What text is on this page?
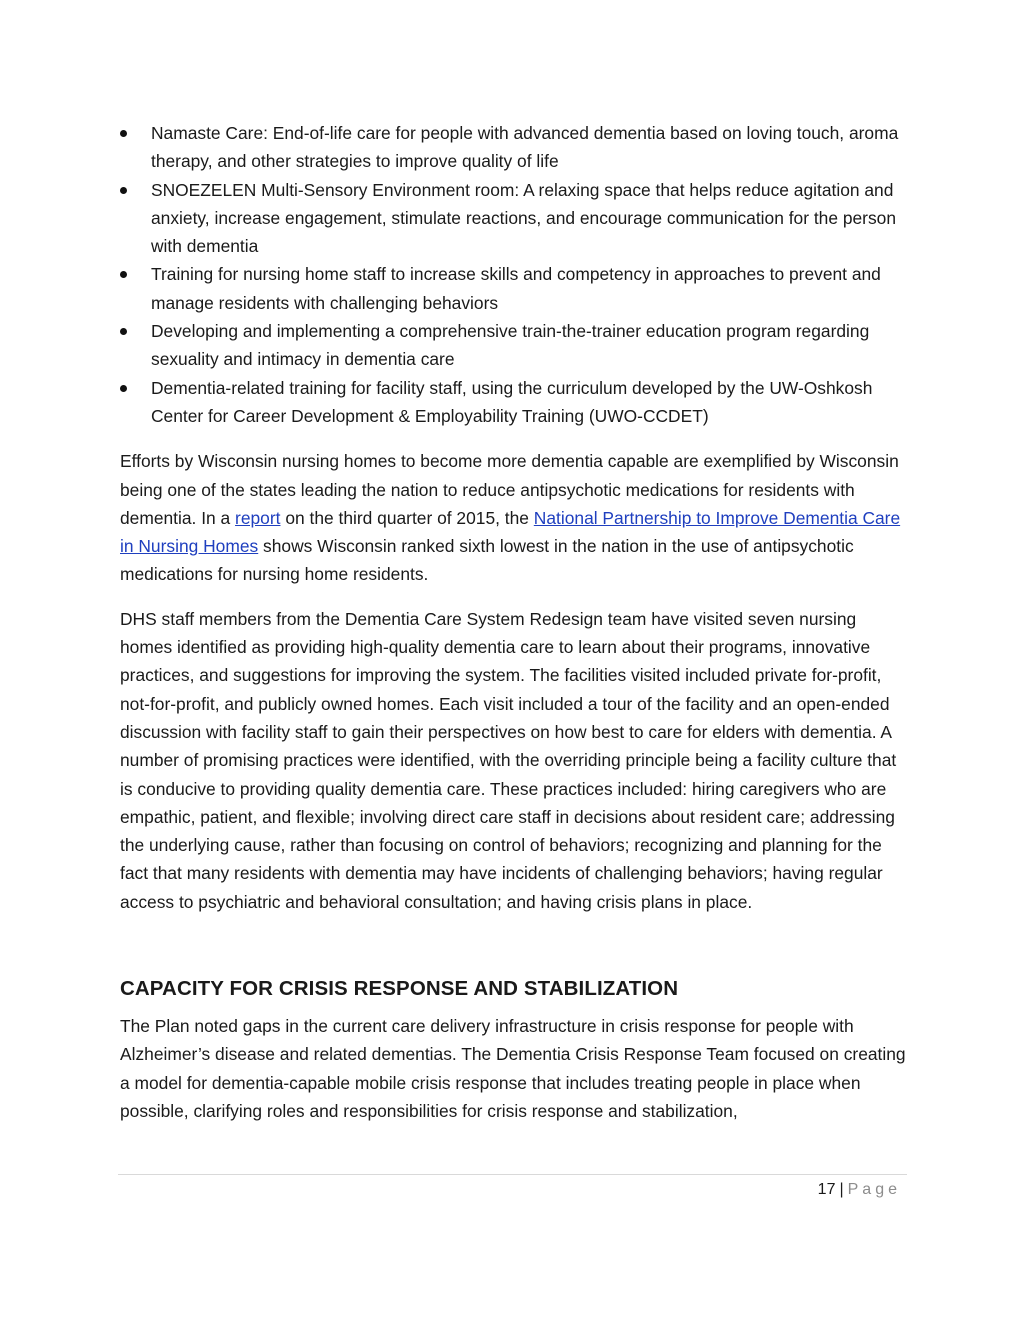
Namaste Care: End-of-life care for people with advanced dementia based on loving touch, aroma therapy, and other strategies to improve quality of life
SNOEZELEN Multi-Sensory Environment room: A relaxing space that helps reduce agitation and anxiety, increase engagement, stimulate reactions, and encourage communication for the person with dementia
Training for nursing home staff to increase skills and competency in approaches to prevent and manage residents with challenging behaviors
Developing and implementing a comprehensive train-the-trainer education program regarding sexuality and intimacy in dementia care
Dementia-related training for facility staff, using the curriculum developed by the UW-Oshkosh Center for Career Development & Employability Training (UWO-CCDET)

Efforts by Wisconsin nursing homes to become more dementia capable are exemplified by Wisconsin being one of the states leading the nation to reduce antipsychotic medications for residents with dementia. In a report on the third quarter of 2015, the National Partnership to Improve Dementia Care in Nursing Homes shows Wisconsin ranked sixth lowest in the nation in the use of antipsychotic medications for nursing home residents.

DHS staff members from the Dementia Care System Redesign team have visited seven nursing homes identified as providing high-quality dementia care to learn about their programs, innovative practices, and suggestions for improving the system. The facilities visited included private for-profit, not-for-profit, and publicly owned homes. Each visit included a tour of the facility and an open-ended discussion with facility staff to gain their perspectives on how best to care for elders with dementia. A number of promising practices were identified, with the overriding principle being a facility culture that is conducive to providing quality dementia care. These practices included: hiring caregivers who are empathic, patient, and flexible; involving direct care staff in decisions about resident care; addressing the underlying cause, rather than focusing on control of behaviors; recognizing and planning for the fact that many residents with dementia may have incidents of challenging behaviors; having regular access to psychiatric and behavioral consultation; and having crisis plans in place.

CAPACITY FOR CRISIS RESPONSE AND STABILIZATION

The Plan noted gaps in the current care delivery infrastructure in crisis response for people with Alzheimer’s disease and related dementias. The Dementia Crisis Response Team focused on creating a model for dementia-capable mobile crisis response that includes treating people in place when possible, clarifying roles and responsibilities for crisis response and stabilization,

17 | Page
